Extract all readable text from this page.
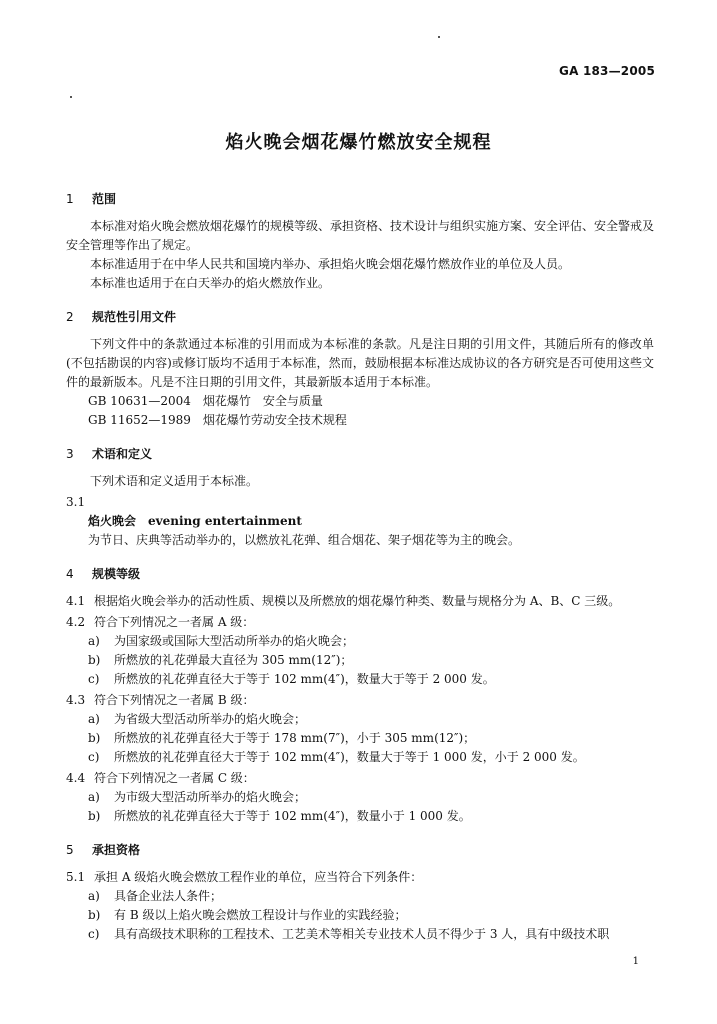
GA 183—2005
焰火晚会烟花爆竹燃放安全规程
1 范围
本标准对焰火晚会燃放烟花爆竹的规模等级、承担资格、技术设计与组织实施方案、安全评估、安全警戒及安全管理等作出了规定。
本标准适用于在中华人民共和国境内举办、承担焰火晚会烟花爆竹燃放作业的单位及人员。
本标准也适用于在白天举办的焰火燃放作业。
2 规范性引用文件
下列文件中的条款通过本标准的引用而成为本标准的条款。凡是注日期的引用文件，其随后所有的修改单(不包括勘误的内容)或修订版均不适用于本标准，然而，鼓励根据本标准达成协议的各方研究是否可使用这些文件的最新版本。凡是不注日期的引用文件，其最新版本适用于本标准。
GB 10631—2004　烟花爆竹　安全与质量
GB 11652—1989　烟花爆竹劳动安全技术规程
3 术语和定义
下列术语和定义适用于本标准。
3.1
焰火晚会　evening entertainment
为节日、庆典等活动举办的，以燃放礼花弹、组合烟花、架子烟花等为主的晚会。
4 规模等级
4.1 根据焰火晚会举办的活动性质、规模以及所燃放的烟花爆竹种类、数量与规格分为 A、B、C 三级。
4.2 符合下列情况之一者属 A 级：
a) 为国家级或国际大型活动所举办的焰火晚会；
b) 所燃放的礼花弹最大直径为 305 mm(12″)；
c) 所燃放的礼花弹直径大于等于 102 mm(4″)，数量大于等于 2 000 发。
4.3 符合下列情况之一者属 B 级：
a) 为省级大型活动所举办的焰火晚会；
b) 所燃放的礼花弹直径大于等于 178 mm(7″)，小于 305 mm(12″)；
c) 所燃放的礼花弹直径大于等于 102 mm(4″)，数量大于等于 1 000 发，小于 2 000 发。
4.4 符合下列情况之一者属 C 级：
a) 为市级大型活动所举办的焰火晚会；
b) 所燃放的礼花弹直径大于等于 102 mm(4″)，数量小于 1 000 发。
5 承担资格
5.1 承担 A 级焰火晚会燃放工程作业的单位，应当符合下列条件：
a) 具备企业法人条件；
b) 有 B 级以上焰火晚会燃放工程设计与作业的实践经验；
c) 具有高级技术职称的工程技术、工艺美术等相关专业技术人员不得少于 3 人，具有中级技术职
1
